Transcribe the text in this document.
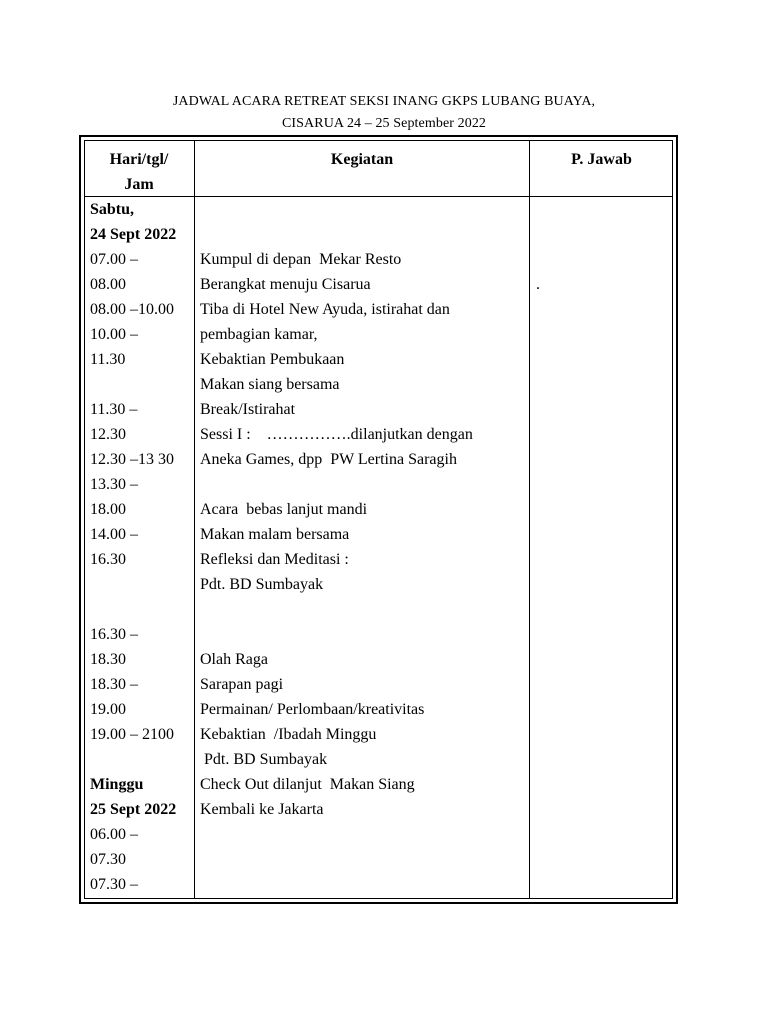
JADWAL ACARA RETREAT SEKSI INANG GKPS LUBANG BUAYA,
CISARUA 24 – 25 September 2022
Hari/tgl/
Jam
Kegiatan	P. Jawab
Sabtu,
24 Sept 2022
07.00 –
08.00
08.00 –10.00
10.00 –
11.30
11.30 –
12.30
12.30 –13 30
13.30 –
18.00
14.00 –
16.30
16.30 –
18.30
18.30 –
19.00
19.00 – 2100
Minggu
25 Sept 2022
06.00 –
07.30
07.30 –
Kumpul di depan  Mekar Resto
Berangkat menuju Cisarua
Tiba di Hotel New Ayuda, istirahat dan
pembagian kamar,
Kebaktian Pembukaan
Makan siang bersama
Break/Istirahat
Sessi I :    …………….dilanjutkan dengan
Aneka Games, dpp  PW Lertina Saragih
Acara  bebas lanjut mandi
Makan malam bersama
Refleksi dan Meditasi :
Pdt. BD Sumbayak
Olah Raga
Sarapan pagi
Permainan/ Perlombaan/kreativitas
Kebaktian  /Ibadah Minggu
Pdt. BD Sumbayak
Check Out dilanjut  Makan Siang
Kembali ke Jakarta
.
